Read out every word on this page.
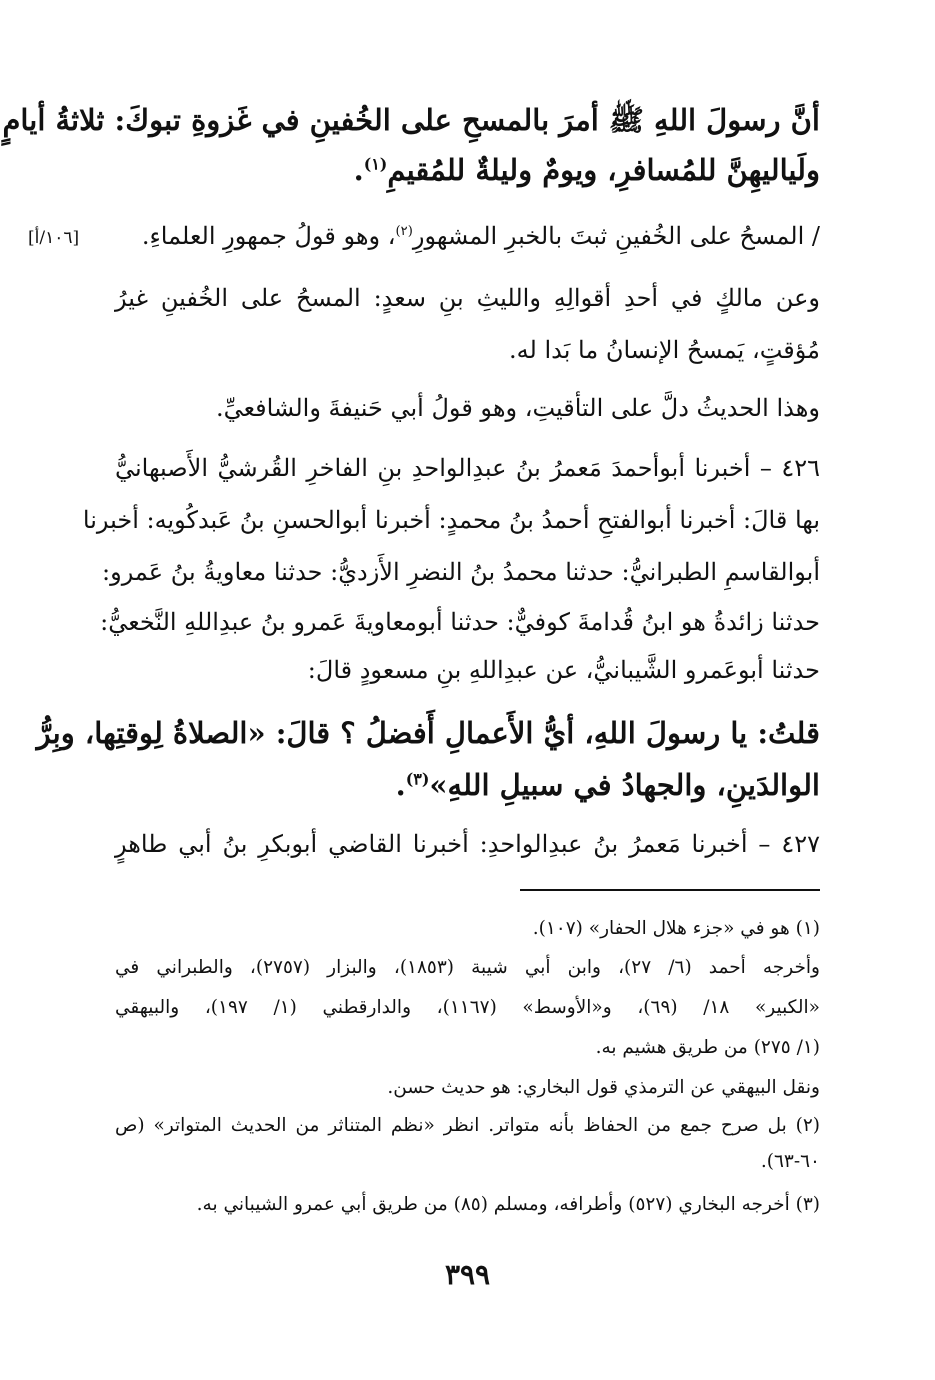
أنَّ رسولَ اللهِ ﷺ أمرَ بالمسحِ على الخُفينِ في غَزوةِ تبوكَ: ثلاثةُ أيامٍ
ولَياليهِنَّ للمُسافرِ، ويومٌ وليلةٌ للمُقيمِ$^{(١)}$.
/ المسحُ على الخُفينِ ثبتَ بالخبرِ المشهورِ$^{(٢)}$، وهو قولُ جمهورِ العلماءِ.
[١٠٦/أ]
وعن مالكٍ في أحدِ أقوالِهِ والليثِ بنِ سعدٍ: المسحُ على الخُفينِ غيرُ
مُؤقتٍ، يَمسحُ الإنسانُ ما بَدا له.
وهذا الحديثُ دلَّ على التأقيتِ، وهو قولُ أبي حَنيفةَ والشافعيِّ.
٤٢٦ – أخبرنا أبوأحمدَ مَعمرُ بنُ عبدِالواحدِ بنِ الفاخرِ القُرشيُّ الأَصبهانيُّ
بها قالَ: أخبرنا أبوالفتحِ أحمدُ بنُ محمدٍ: أخبرنا أبوالحسنِ بنُ عَبدكُويه: أخبرنا
أبوالقاسمِ الطبرانيُّ: حدثنا محمدُ بنُ النضرِ الأَزديُّ: حدثنا معاويةُ بنُ عَمرو:
حدثنا زائدةُ هو ابنُ قُدامةَ كوفيٌّ: حدثنا أبومعاويةَ عَمرو بنُ عبدِاللهِ النَّخعيُّ:
حدثنا أبوعَمرو الشَّيبانيُّ، عن عبدِاللهِ بنِ مسعودٍ قالَ:
قلتُ: يا رسولَ اللهِ، أيُّ الأَعمالِ أَفضلُ ؟ قالَ: «الصلاةُ لِوقتِها، وبِرُّ
الوالدَينِ، والجهادُ في سبيلِ اللهِ»$^{(٣)}$.
٤٢٧ – أخبرنا مَعمرُ بنُ عبدِالواحدِ: أخبرنا القاضي أبوبكرِ بنُ أبي طاهرٍ
(١) هو في «جزء هلال الحفار» (١٠٧).
وأخرجه أحمد (٦/ ٢٧)، وابن أبي شيبة (١٨٥٣)، والبزار (٢٧٥٧)، والطبراني في
«الكبير» ١٨/ (٦٩)، و«الأوسط» (١١٦٧)، والدارقطني (١/ ١٩٧)، والبيهقي
(١/ ٢٧٥) من طريق هشيم به.
ونقل البيهقي عن الترمذي قول البخاري: هو حديث حسن.
(٢) بل صرح جمع من الحفاظ بأنه متواتر. انظر «نظم المتناثر من الحديث المتواتر» (ص
٦٠-٦٣).
(٣) أخرجه البخاري (٥٢٧) وأطرافه، ومسلم (٨٥) من طريق أبي عمرو الشيباني به.
٣٩٩
